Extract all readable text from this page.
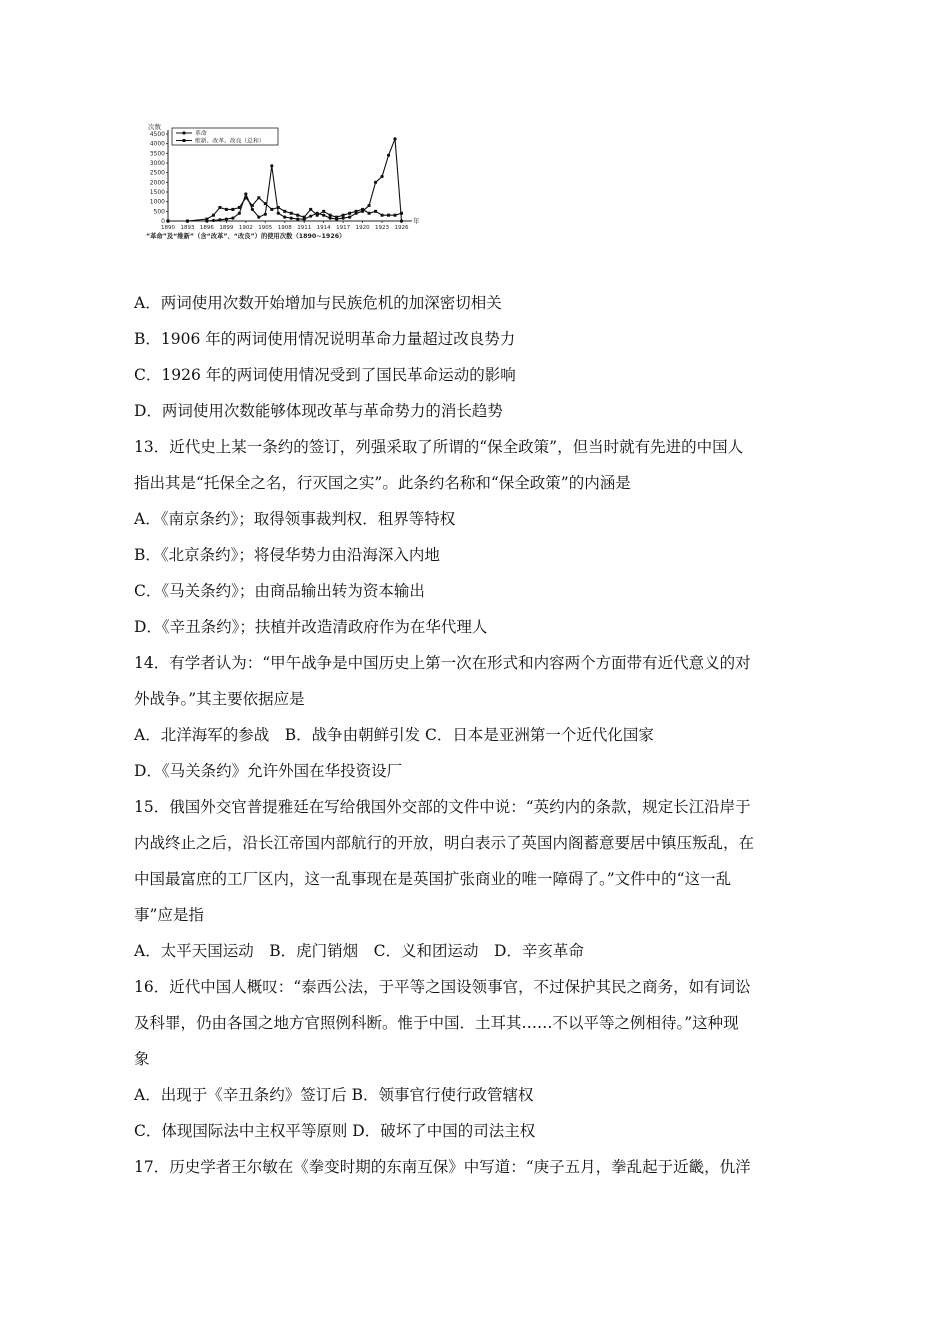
0
500
1000
1500
2000
2500
3000
3500
4000
4500
1890 1893 1896 1899 1902 1905 1908 1911 1914 1917 1920 1923 1926
次数
年
“革命”及“维新”（含“改革”、“改良”）的使用次数（1890~1926）
革命
维新、改革、改良（总和）
A．两词使用次数开始增加与民族危机的加深密切相关
B．1906 年的两词使用情况说明革命力量超过改良势力
C．1926 年的两词使用情况受到了国民革命运动的影响
D．两词使用次数能够体现改革与革命势力的消长趋势
13．近代史上某一条约的签订，列强采取了所谓的“保全政策”，但当时就有先进的中国人
指出其是“托保全之名，行灭国之实”。此条约名称和“保全政策”的内涵是
A．《南京条约》；取得领事裁判权．租界等特权
B．《北京条约》；将侵华势力由沿海深入内地
C．《马关条约》；由商品输出转为资本输出
D．《辛丑条约》；扶植并改造清政府作为在华代理人
14．有学者认为：“甲午战争是中国历史上第一次在形式和内容两个方面带有近代意义的对
外战争。”其主要依据应是
A．北洋海军的参战　B．战争由朝鲜引发 C．日本是亚洲第一个近代化国家
D．《马关条约》允许外国在华投资设厂
15．俄国外交官普提雅廷在写给俄国外交部的文件中说：“英约内的条款，规定长江沿岸于
内战终止之后，沿长江帝国内部航行的开放，明白表示了英国内阁蓄意要居中镇压叛乱，在
中国最富庶的工厂区内，这一乱事现在是英国扩张商业的唯一障碍了。”文件中的“这一乱
事”应是指
A．太平天国运动　B．虎门销烟　C．义和团运动　D．辛亥革命
16．近代中国人概叹：“泰西公法，于平等之国设领事官，不过保护其民之商务，如有词讼
及科罪，仍由各国之地方官照例科断。惟于中国．土耳其……不以平等之例相待。”这种现
象
A．出现于《辛丑条约》签订后 B．领事官行使行政管辖权
C．体现国际法中主权平等原则 D．破坏了中国的司法主权
17．历史学者王尔敏在《拳变时期的东南互保》中写道：“庚子五月，拳乱起于近畿，仇洋
